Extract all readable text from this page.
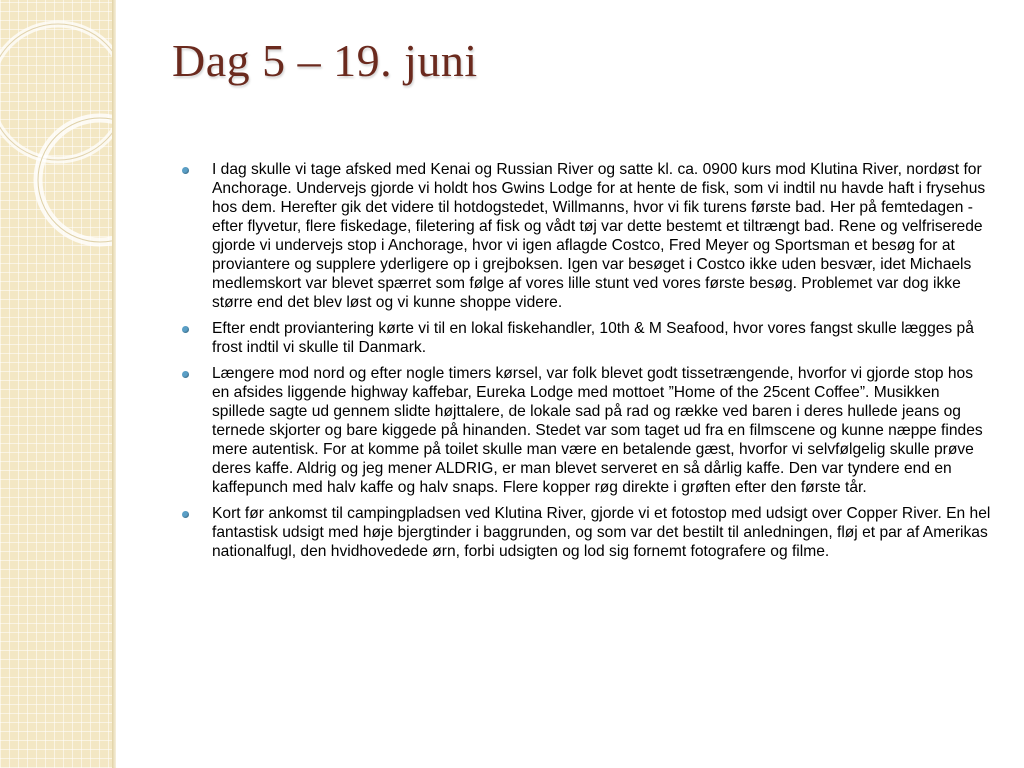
Dag 5 – 19. juni
I dag skulle vi tage afsked med Kenai og Russian River og satte kl. ca. 0900 kurs mod Klutina River, nordøst for Anchorage. Undervejs gjorde vi holdt hos Gwins Lodge for at hente de fisk, som vi indtil nu havde haft i frysehus hos dem. Herefter gik det videre til hotdogstedet, Willmanns, hvor vi fik turens første bad. Her på femtedagen - efter flyvetur, flere fiskedage, filetering af fisk og vådt tøj var dette bestemt et tiltrængt bad. Rene og velfriserede gjorde vi undervejs stop i Anchorage, hvor vi igen aflagde Costco, Fred Meyer og Sportsman et besøg for at proviantere og supplere yderligere op i grejboksen. Igen var besøget i Costco ikke uden besvær, idet Michaels medlemskort var blevet spærret som følge af vores lille stunt ved vores første besøg. Problemet var dog ikke større end det blev løst og vi kunne shoppe videre.
Efter endt proviantering kørte vi til en lokal fiskehandler, 10th & M Seafood, hvor vores fangst skulle lægges på frost indtil vi skulle til Danmark.
Længere mod nord og efter nogle timers kørsel, var folk blevet godt tissetrængende, hvorfor vi gjorde stop hos en afsides liggende highway kaffebar, Eureka Lodge med mottoet ”Home of the 25cent Coffee”. Musikken spillede sagte ud gennem slidte højttalere, de lokale sad på rad og række ved baren i deres hullede jeans og ternede skjorter og bare kiggede på hinanden. Stedet var som taget ud fra en filmscene og kunne næppe findes mere autentisk. For at komme på toilet skulle man være en betalende gæst, hvorfor vi selvfølgelig skulle prøve deres kaffe. Aldrig og jeg mener ALDRIG, er man blevet serveret en så dårlig kaffe. Den var tyndere end en kaffepunch med halv kaffe og halv snaps. Flere kopper røg direkte i grøften efter den første tår.
Kort før ankomst til campingpladsen ved Klutina River, gjorde vi et fotostop med udsigt over Copper River. En hel fantastisk udsigt med høje bjergtinder i baggrunden, og som var det bestilt til anledningen, fløj et par af Amerikas nationalfugl, den hvidhovedede ørn, forbi udsigten og lod sig fornemt fotografere og filme.
